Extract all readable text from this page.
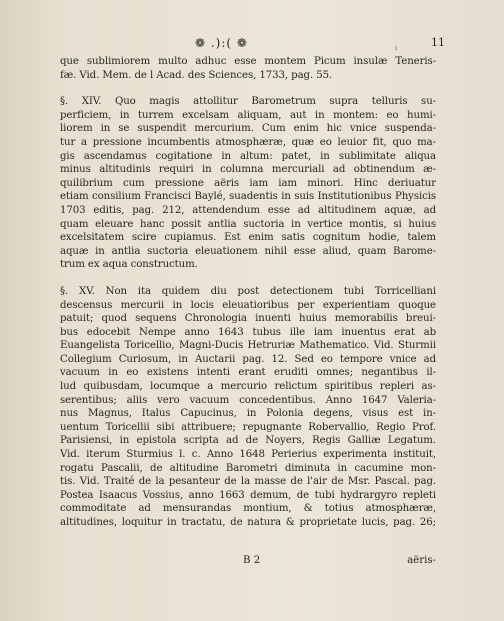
❁ .):( ❁	ı	11
que sublimiorem multo adhuc esse montem Picum insulæ Teneris-
fæ. Vid. Mem. de l Acad. des Sciences, 1733, pag. 55.
§. XIV. Quo magis attollitur Barometrum supra telluris su-
perficiem, in turrem excelsam aliquam, aut in montem: eo humi-
liorem in se suspendit mercurium. Cum enim hic vnice suspenda-
tur a pressione incumbentis atmosphæræ, quæ eo leuior fit, quo ma-
gis ascendamus cogitatione in altum: patet, in sublimitate aliqua
minus altitudinis requiri in columna mercuriali ad obtinendum æ-
quilibrium cum pressione aëris iam iam minori. Hinc deriuatur
etiam consilium Francisci Baylé, suadentis in suis Institutionibus Physicis
1703 editis, pag. 212, attendendum esse ad altitudinem aquæ, ad
quam eleuare hanc possit antlia suctoria in vertice montis, si huius
excelsitatem scire cupiamus. Est enim satis cognitum hodie, talem
aquæ in antlia suctoria eleuationem nihil esse aliud, quam Barome-
trum ex aqua constructum.
§. XV. Non ita quidem diu post detectionem tubi Torricelliani
descensus mercurii in locis eleuatioribus per experientiam quoque
patuit; quod sequens Chronologia inuenti huius memorabilis breui-
bus edocebit Nempe anno 1643 tubus ille iam inuentus erat ab
Euangelista Toricellio, Magni-Ducis Hetruriæ Mathematico. Vid. Sturmii
Collegium Curiosum, in Auctarii pag. 12. Sed eo tempore vnice ad
vacuum in eo existens intenti erant eruditi omnes; negantibus il-
lud quibusdam, locumque a mercurio relictum spiritibus repleri as-
serentibus; aliis vero vacuum concedentibus. Anno 1647 Valeria-
nus Magnus, Italus Capucinus, in Polonia degens, visus est in-
uentum Toricellii sibi attribuere; repugnante Robervallio, Regio Prof.
Parisiensi, in epistola scripta ad de Noyers, Regis Galliæ Legatum.
Vid. iterum Sturmius l. c. Anno 1648 Perierius experimenta instituit,
rogatu Pascalii, de altitudine Barometri diminuta in cacumine mon-
tis. Vid. Traité de la pesanteur de la masse de l'air de Msr. Pascal. pag.
Postea Isaacus Vossius, anno 1663 demum, de tubi hydrargyro repleti
commoditate ad mensurandas montium, & totius atmosphæræ,
altitudines, loquitur in tractatu, de natura & proprietate lucis, pag. 26;
B 2	aëris-
